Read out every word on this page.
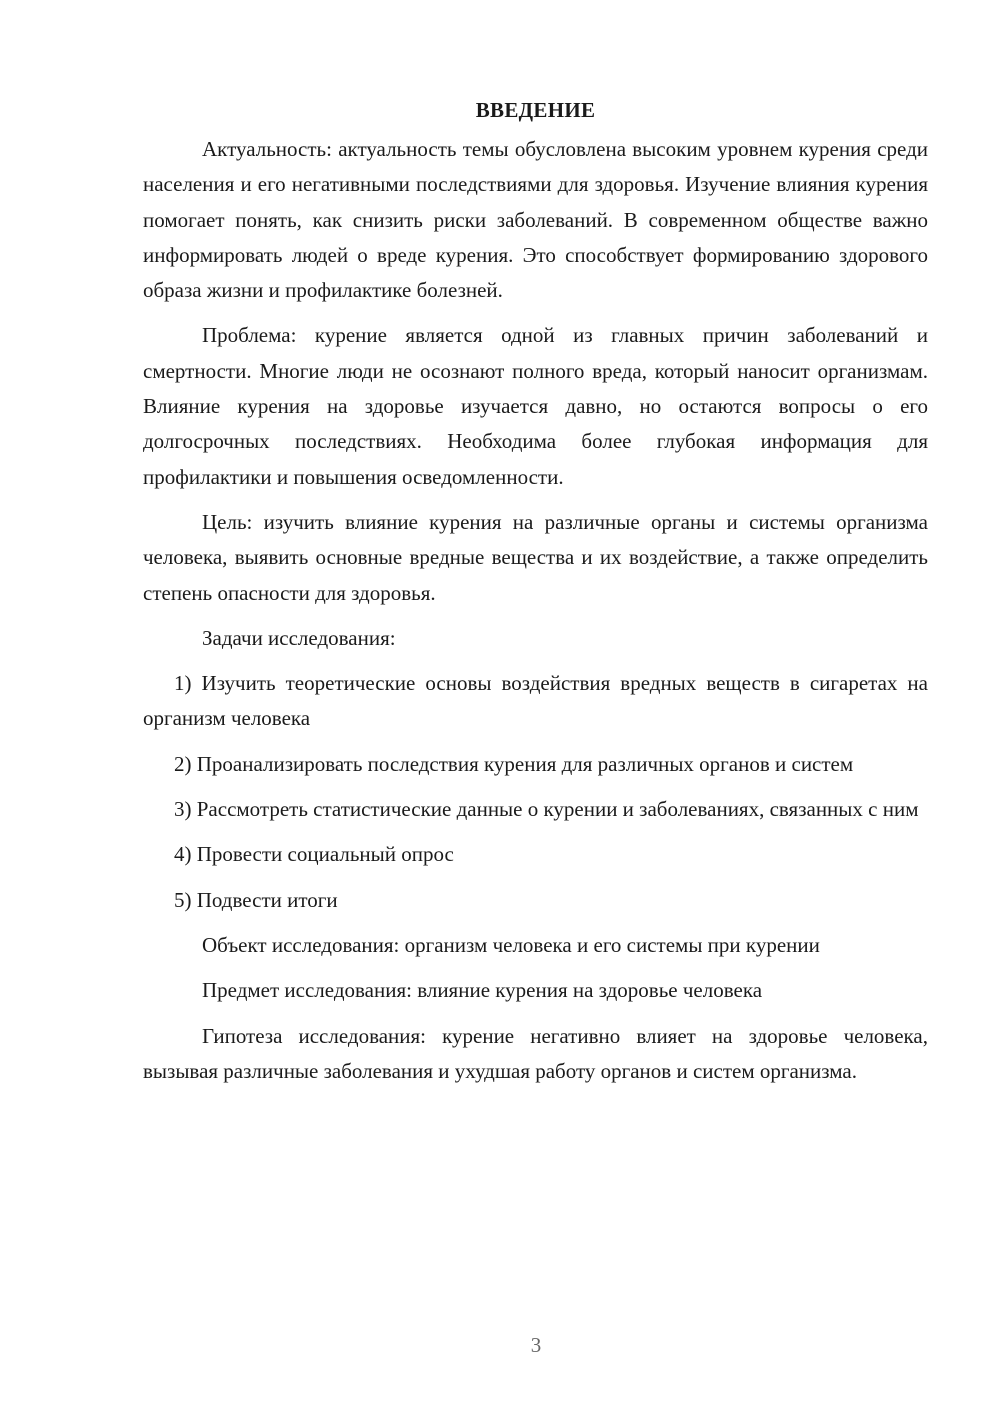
ВВЕДЕНИЕ

Актуальность: актуальность темы обусловлена высоким уровнем курения среди населения и его негативными последствиями для здоровья. Изучение влияния курения помогает понять, как снизить риски заболеваний. В современном обществе важно информировать людей о вреде курения. Это способствует формированию здорового образа жизни и профилактике болезней.

Проблема: курение является одной из главных причин заболеваний и смертности. Многие люди не осознают полного вреда, который наносит организмам. Влияние курения на здоровье изучается давно, но остаются вопросы о его долгосрочных последствиях. Необходима более глубокая информация для профилактики и повышения осведомленности.

Цель: изучить влияние курения на различные органы и системы организма человека, выявить основные вредные вещества и их воздействие, а также определить степень опасности для здоровья.

Задачи исследования:

1) Изучить теоретические основы воздействия вредных веществ в сигаретах на организм человека

2) Проанализировать последствия курения для различных органов и систем

3) Рассмотреть статистические данные о курении и заболеваниях, связанных с ним

4) Провести социальный опрос

5) Подвести итоги

Объект исследования: организм человека и его системы при курении

Предмет исследования: влияние курения на здоровье человека

Гипотеза исследования: курение негативно влияет на здоровье человека, вызывая различные заболевания и ухудшая работу органов и систем организма.

3
